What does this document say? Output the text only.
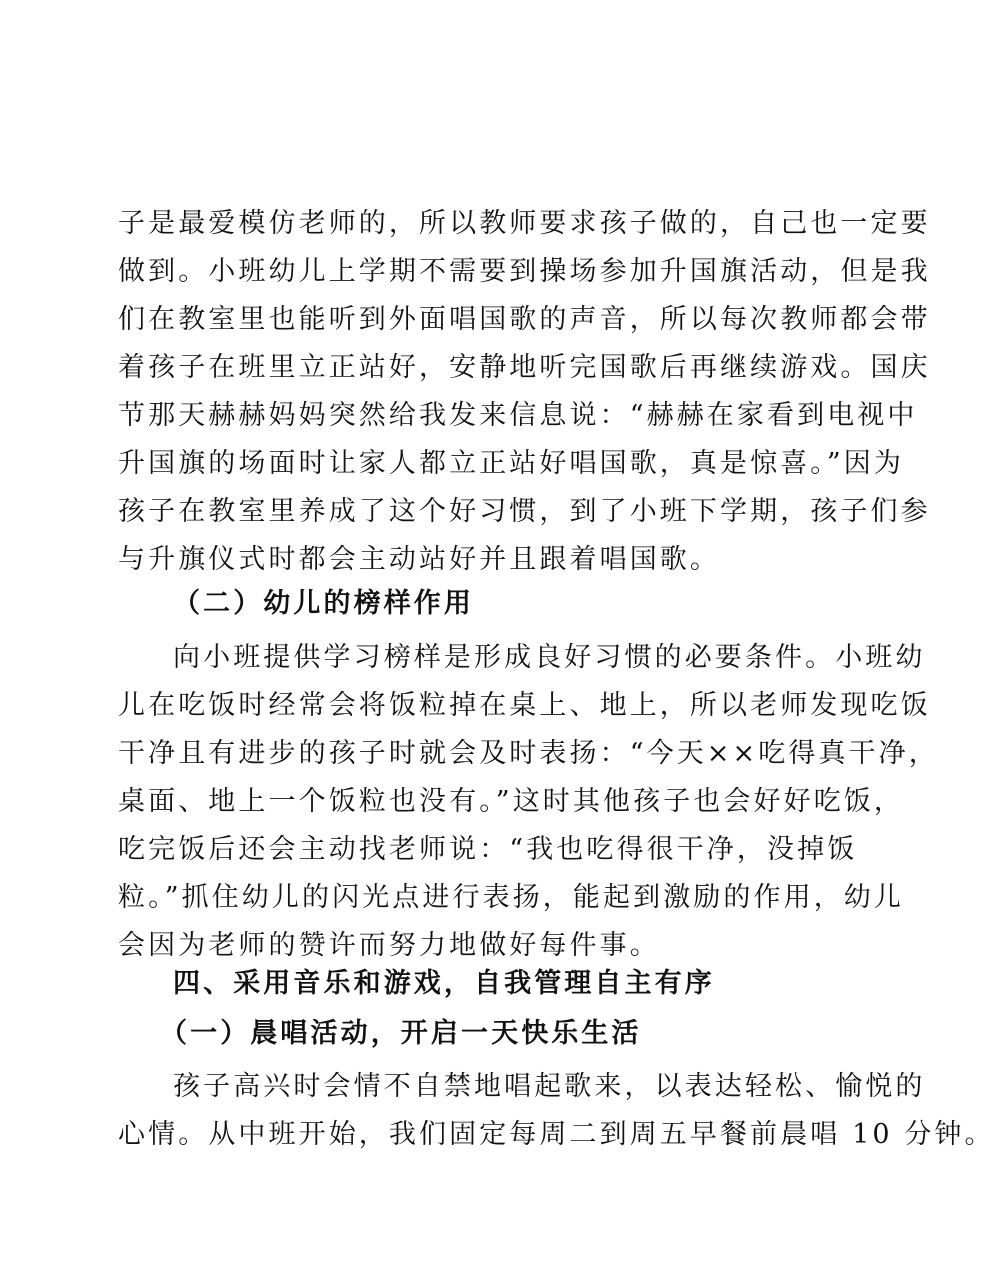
子是最爱模仿老师的，所以教师要求孩子做的，自己也一定要

做到。小班幼儿上学期不需要到操场参加升国旗活动，但是我

们在教室里也能听到外面唱国歌的声音，所以每次教师都会带

着孩子在班里立正站好，安静地听完国歌后再继续游戏。国庆

节那天赫赫妈妈突然给我发来信息说：“赫赫在家看到电视中

升国旗的场面时让家人都立正站好唱国歌，真是惊喜。”因为

孩子在教室里养成了这个好习惯，到了小班下学期，孩子们参

与升旗仪式时都会主动站好并且跟着唱国歌。

（二）幼儿的榜样作用

向小班提供学习榜样是形成良好习惯的必要条件。小班幼

儿在吃饭时经常会将饭粒掉在桌上、地上，所以老师发现吃饭

干净且有进步的孩子时就会及时表扬：“今天××吃得真干净，

桌面、地上一个饭粒也没有。”这时其他孩子也会好好吃饭，

吃完饭后还会主动找老师说：“我也吃得很干净，没掉饭

粒。”抓住幼儿的闪光点进行表扬，能起到激励的作用，幼儿

会因为老师的赞许而努力地做好每件事。

四、采用音乐和游戏，自我管理自主有序
（一）晨唱活动，开启一天快乐生活

孩子高兴时会情不自禁地唱起歌来，以表达轻松、愉悦的

心情。从中班开始，我们固定每周二到周五早餐前晨唱 10 分钟。
